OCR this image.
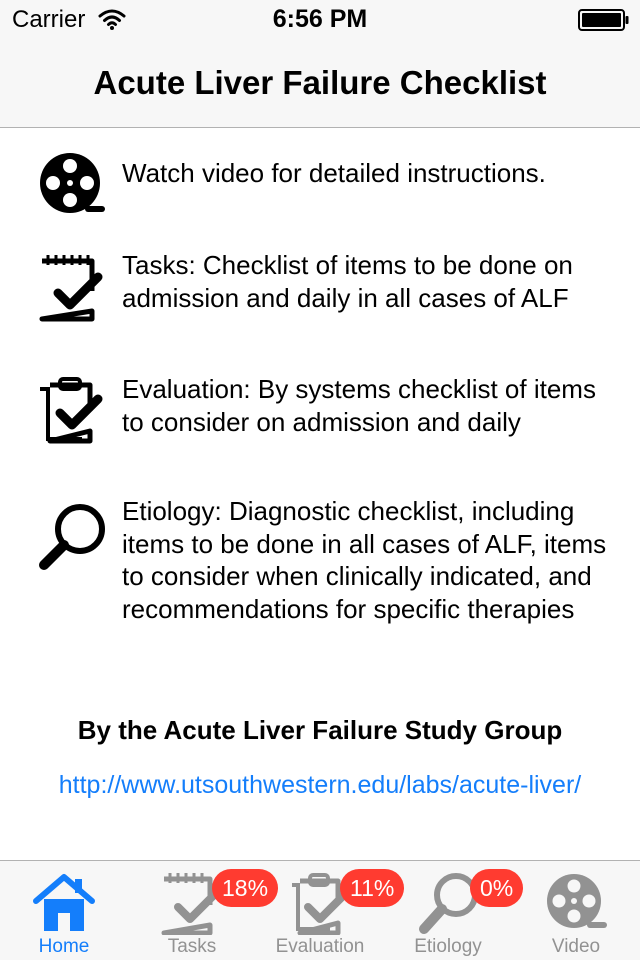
Carrier	6:56 PM
Acute Liver Failure Checklist
Watch video for detailed instructions.
Tasks: Checklist of items to be done on admission and daily in all cases of ALF
Evaluation: By systems checklist of items to consider on admission and daily
Etiology: Diagnostic checklist, including items to be done in all cases of ALF, items to consider when clinically indicated, and recommendations for specific therapies
By the Acute Liver Failure Study Group
http://www.utsouthwestern.edu/labs/acute-liver/
Home
18%
Tasks
11%
Evaluation
0%
Etiology	Video
